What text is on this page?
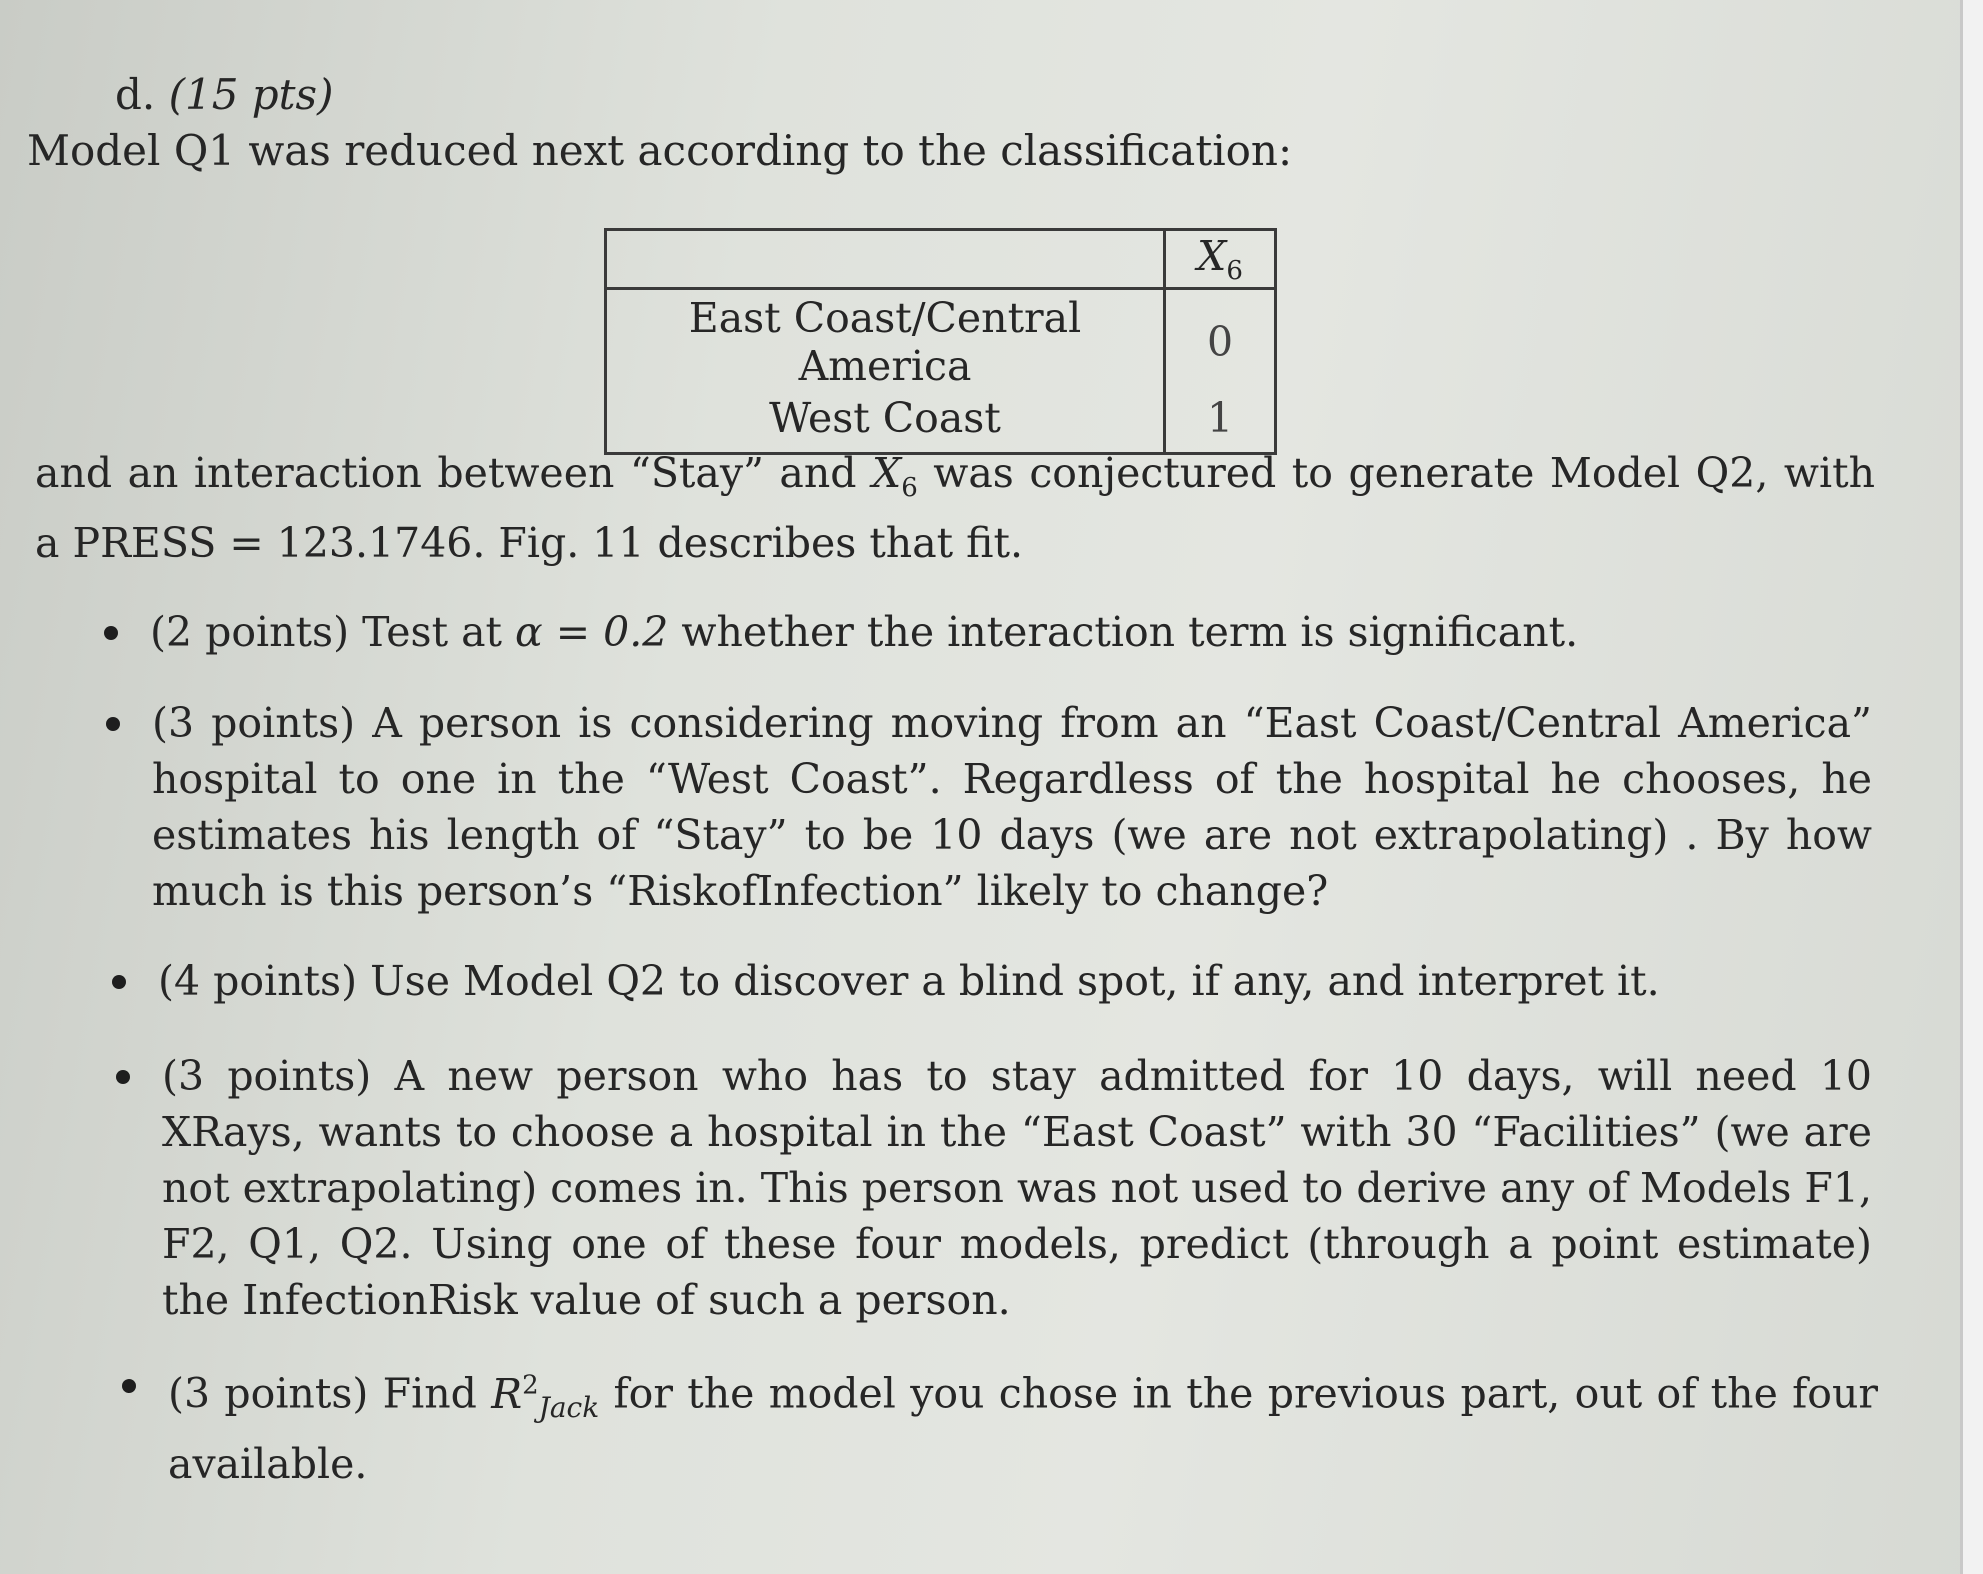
d. (15 pts)
Model Q1 was reduced next according to the classification:
	$X_6$
East Coast/Central America	0
West Coast	1
and an interaction between “Stay” and $X_6$ was conjectured to generate Model Q2, with a PRESS = 123.1746. Fig. 11 describes that fit.
(2 points) Test at α = 0.2 whether the interaction term is significant.
(3 points) A person is considering moving from an “East Coast/Central America” hospital to one in the “West Coast”. Regardless of the hospital he chooses, he estimates his length of “Stay” to be 10 days (we are not extrapolating) . By how much is this person’s “RiskofInfection” likely to change?
(4 points) Use Model Q2 to discover a blind spot, if any, and interpret it.
(3 points) A new person who has to stay admitted for 10 days, will need 10 XRays, wants to choose a hospital in the “East Coast” with 30 “Facilities” (we are not extrapolating) comes in. This person was not used to derive any of Models F1, F2, Q1, Q2. Using one of these four models, predict (through a point estimate) the InfectionRisk value of such a person.
(3 points) Find $R^2_{Jack}$ for the model you chose in the previous part, out of the four available.
